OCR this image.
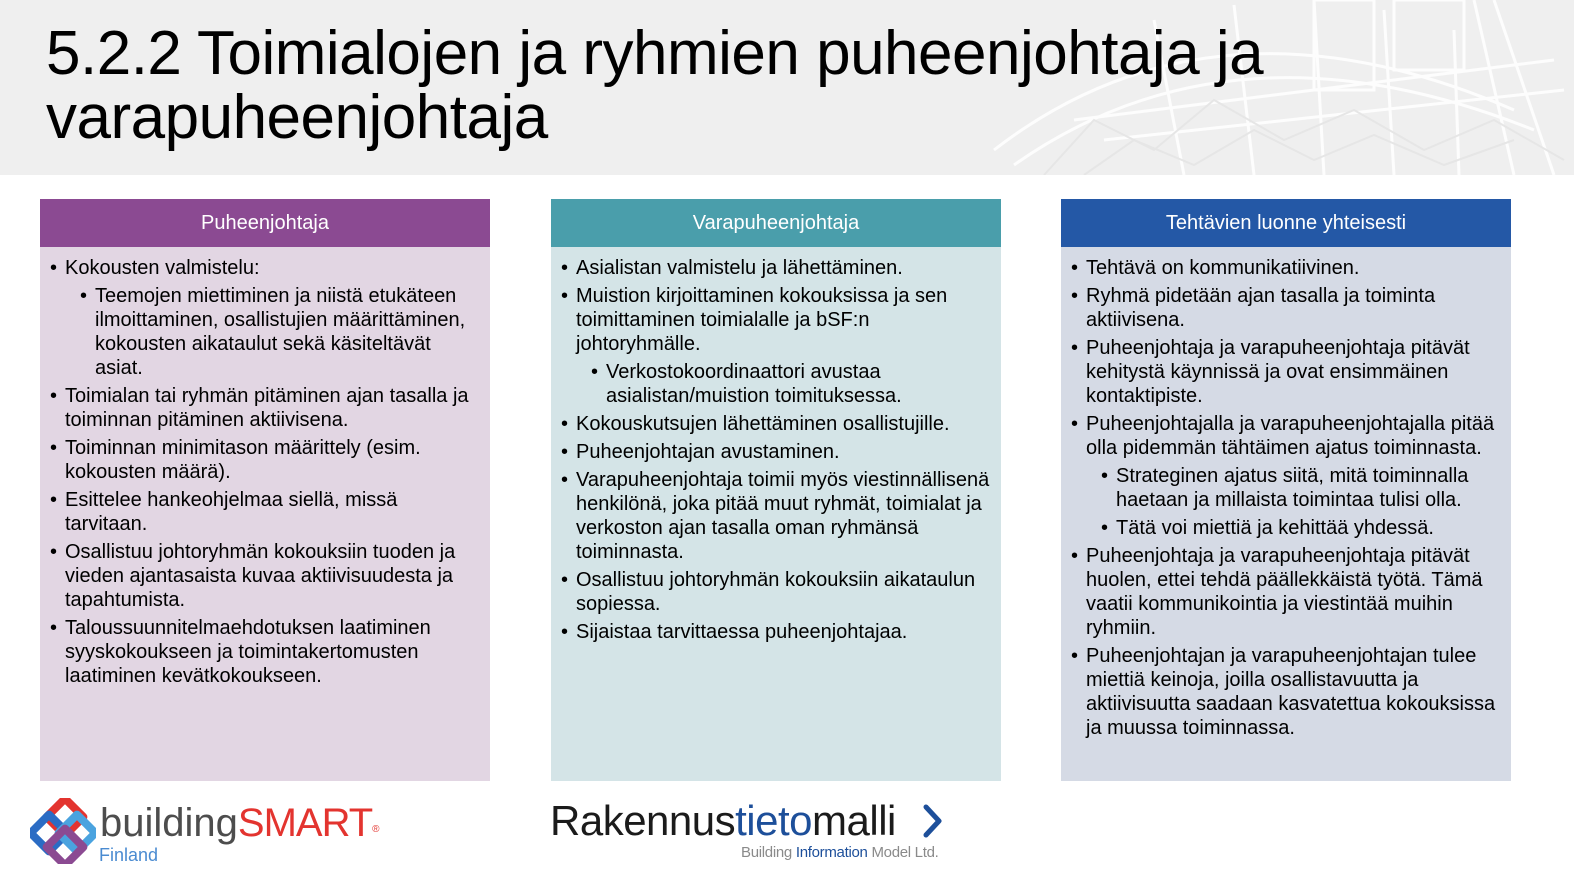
5.2.2 Toimialojen ja ryhmien puheenjohtaja ja varapuheenjohtaja
Puheenjohtaja
• Kokousten valmistelu:
• Teemojen miettiminen ja niistä etukäteen ilmoittaminen, osallistujien määrittäminen, kokousten aikataulut sekä käsiteltävät asiat.
• Toimialan tai ryhmän pitäminen ajan tasalla ja toiminnan pitäminen aktiivisena.
• Toiminnan minimitason määrittely (esim. kokousten määrä).
• Esittelee hankeohjelmaa siellä, missä tarvitaan.
• Osallistuu johtoryhmän kokouksiin tuoden ja vieden ajantasaista kuvaa aktiivisuudesta ja tapahtumista.
• Taloussuunnitelmaehdotuksen laatiminen syyskokoukseen ja toimintakertomusten laatiminen kevätkokoukseen.
Varapuheenjohtaja
• Asialistan valmistelu ja lähettäminen.
• Muistion kirjoittaminen kokouksissa ja sen toimittaminen toimialalle ja bSF:n johtoryhmälle.
• Verkostokoordinaattori avustaa asialistan/muistion toimituksessa.
• Kokouskutsujen lähettäminen osallistujille.
• Puheenjohtajan avustaminen.
• Varapuheenjohtaja toimii myös viestinnällisenä henkilönä, joka pitää muut ryhmät, toimialat ja verkoston ajan tasalla oman ryhmänsä toiminnasta.
• Osallistuu johtoryhmän kokouksiin aikataulun sopiessa.
• Sijaistaa tarvittaessa puheenjohtajaa.
Tehtävien luonne yhteisesti
• Tehtävä on kommunikatiivinen.
• Ryhmä pidetään ajan tasalla ja toiminta aktiivisena.
• Puheenjohtaja ja varapuheenjohtaja pitävät kehitystä käynnissä ja ovat ensimmäinen kontaktipiste.
• Puheenjohtajalla ja varapuheenjohtajalla pitää olla pidemmän tähtäimen ajatus toiminnasta.
• Strateginen ajatus siitä, mitä toiminnalla haetaan ja millaista toimintaa tulisi olla.
• Tätä voi miettiä ja kehittää yhdessä.
• Puheenjohtaja ja varapuheenjohtaja pitävät huolen, ettei tehdä päällekkäistä työtä. Tämä vaatii kommunikointia ja viestintää muihin ryhmiin.
• Puheenjohtajan ja varapuheenjohtajan tulee miettiä keinoja, joilla osallistavuutta ja aktiivisuutta saadaan kasvatettua kokouksissa ja muussa toiminnassa.
buildingSMART®
Finland
Rakennustietomalli
Building Information Model Ltd.
